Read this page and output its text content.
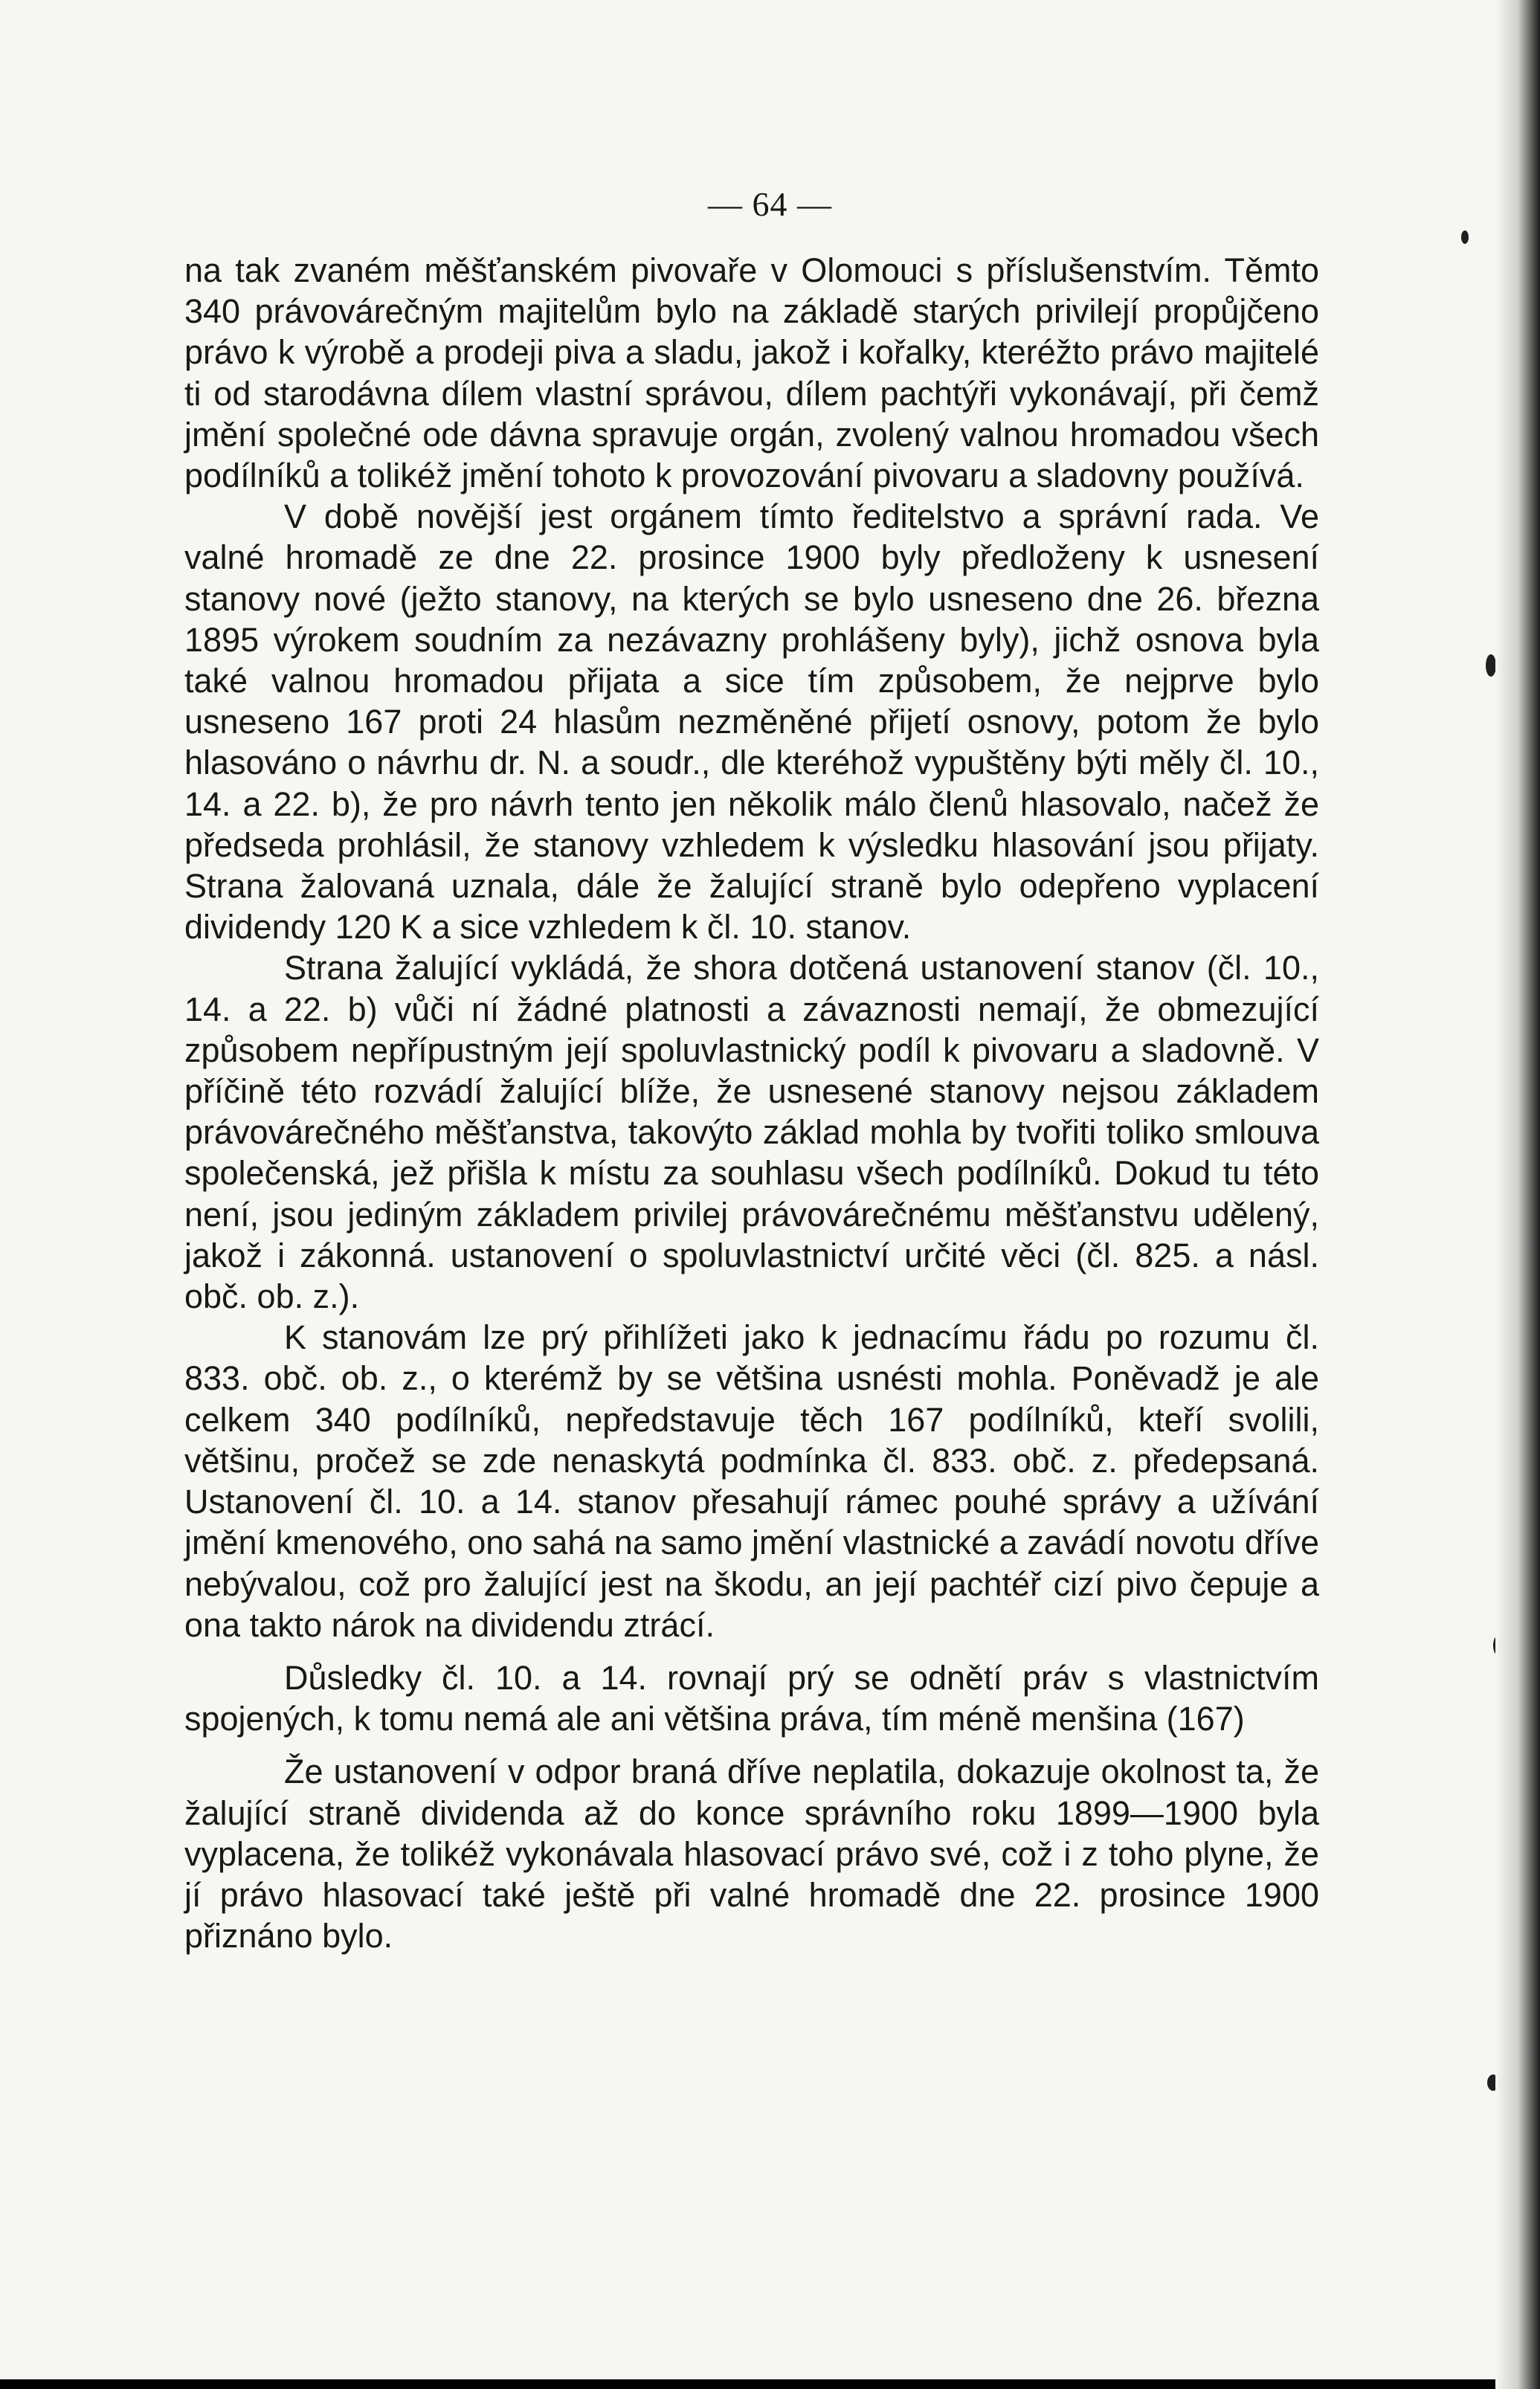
— 64 —

na tak zvaném měšťanském pivovaře v Olomouci s příslušenstvím. Těmto 340 právovárečným majitelům bylo na základě starých privilejí propůjčeno právo k výrobě a prodeji piva a sladu, jakož i kořalky, kteréžto právo majitelé ti od starodávna dílem vlastní správou, dílem pachtýři vykonávají, při čemž jmění společné ode dávna spravuje orgán, zvolený valnou hromadou všech podílníků a tolikéž jmění tohoto k provozování pivovaru a sladovny používá.

V době novější jest orgánem tímto ředitelstvo a správní rada. Ve valné hromadě ze dne 22. prosince 1900 byly předloženy k usnesení stanovy nové (ježto stanovy, na kterých se bylo usneseno dne 26. března 1895 výrokem soudním za nezávazny prohlášeny byly), jichž osnova byla také valnou hromadou přijata a sice tím způsobem, že nejprve bylo usneseno 167 proti 24 hlasům nezměněné přijetí osnovy, potom že bylo hlasováno o návrhu dr. N. a soudr., dle kteréhož vypuštěny býti měly čl. 10., 14. a 22. b), že pro návrh tento jen několik málo členů hlasovalo, načež že předseda prohlásil, že stanovy vzhledem k výsledku hlasování jsou přijaty. Strana žalovaná uznala, dále že žalující straně bylo odepřeno vyplacení dividendy 120 K a sice vzhledem k čl. 10. stanov.

Strana žalující vykládá, že shora dotčená ustanovení stanov (čl. 10., 14. a 22. b) vůči ní žádné platnosti a závaznosti nemají, že obmezující způsobem nepřípustným její spoluvlastnický podíl k pivovaru a sladovně. V příčině této rozvádí žalující blíže, že usnesené stanovy nejsou základem právovárečného měšťanstva, takovýto základ mohla by tvořiti toliko smlouva společenská, jež přišla k místu za souhlasu všech podílníků. Dokud tu této není, jsou jediným základem privilej právovárečnému měšťanstvu udělený, jakož i zákonná. ustanovení o spoluvlastnictví určité věci (čl. 825. a násl. obč. ob. z.).

K stanovám lze prý přihlížeti jako k jednacímu řádu po rozumu čl. 833. obč. ob. z., o kterémž by se většina usnésti mohla. Poněvadž je ale celkem 340 podílníků, nepředstavuje těch 167 podílníků, kteří svolili, většinu, pročež se zde nenaskytá podmínka čl. 833. obč. z. předepsaná. Ustanovení čl. 10. a 14. stanov přesahují rámec pouhé správy a užívání jmění kmenového, ono sahá na samo jmění vlastnické a zavádí novotu dříve nebývalou, což pro žalující jest na škodu, an její pachtéř cizí pivo čepuje a ona takto nárok na dividendu ztrácí.

Důsledky čl. 10. a 14. rovnají prý se odnětí práv s vlastnictvím spojených, k tomu nemá ale ani většina práva, tím méně menšina (167)

Že ustanovení v odpor braná dříve neplatila, dokazuje okolnost ta, že žalující straně dividenda až do konce správního roku 1899—1900 byla vyplacena, že tolikéž vykonávala hlasovací právo své, což i z toho plyne, že jí právo hlasovací také ještě při valné hromadě dne 22. prosince 1900 přiznáno bylo.
